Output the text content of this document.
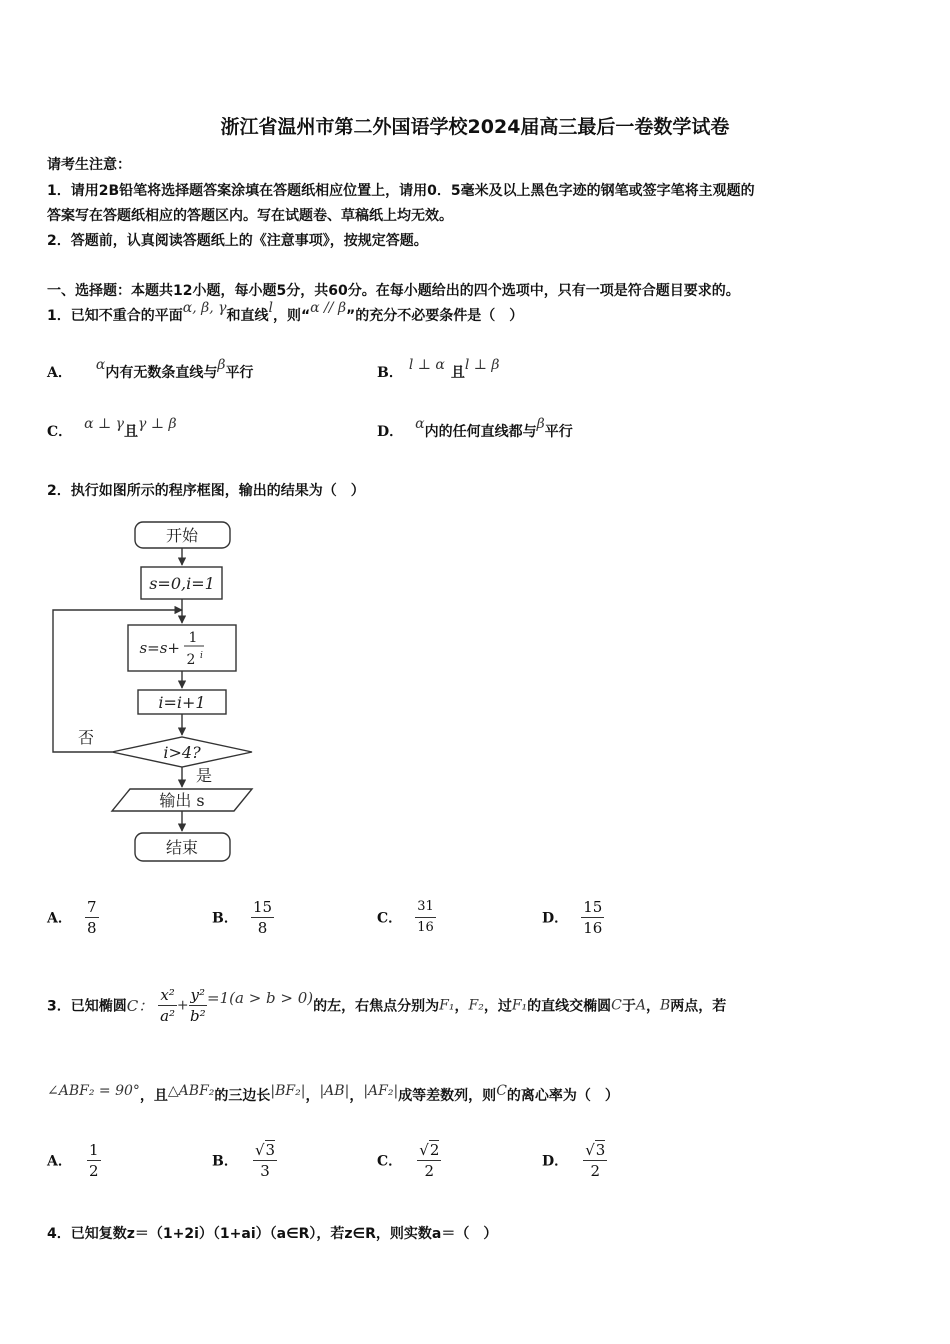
浙江省温州市第二外国语学校2024届高三最后一卷数学试卷
请考生注意：
1．请用2B铅笔将选择题答案涂填在答题纸相应位置上，请用0．5毫米及以上黑色字迹的钢笔或签字笔将主观题的
答案写在答题纸相应的答题区内。写在试题卷、草稿纸上均无效。
2．答题前，认真阅读答题纸上的《注意事项》，按规定答题。
一、选择题：本题共12小题，每小题5分，共60分。在每小题给出的四个选项中，只有一项是符合题目要求的。
1．已知不重合的平面α, β, γ和直线l，则“α // β”的充分不必要条件是（　）
A． α内有无数条直线与β平行	B． l ⊥ α 且l ⊥ β
C． α ⊥ γ且γ ⊥ β	D． α内的任何直线都与β平行
2．执行如图所示的程序框图，输出的结果为（　）
开始
s=0,i=1
s=s+
1
2 i
i=i+1
i>4?
否
是
输出 s
结束
A． $\frac{7}{8}$	B． $\frac{15}{8}$	C． $\frac{31}{16}$	D． $\frac{15}{16}$
3．已知椭圆C： $\frac{\text{x²}}{\text{a²}} + \frac{\text{y²}}{\text{b²}} =1(a > b > 0)$的左，右焦点分别为F₁，F₂，过F₁的直线交椭圆C于A，B两点，若
∠ABF₂ = 90°，且△ABF₂的三边长|BF₂|，|AB|，|AF₂|成等差数列，则C的离心率为（　）
A． $\frac{1}{2}$	B． $\frac{√3}{3}$	C． $\frac{√2}{2}$	D． $\frac{√3}{2}$
4．已知复数z＝（1+2i）（1+ai）（a∈R），若z∈R，则实数a＝（　）
